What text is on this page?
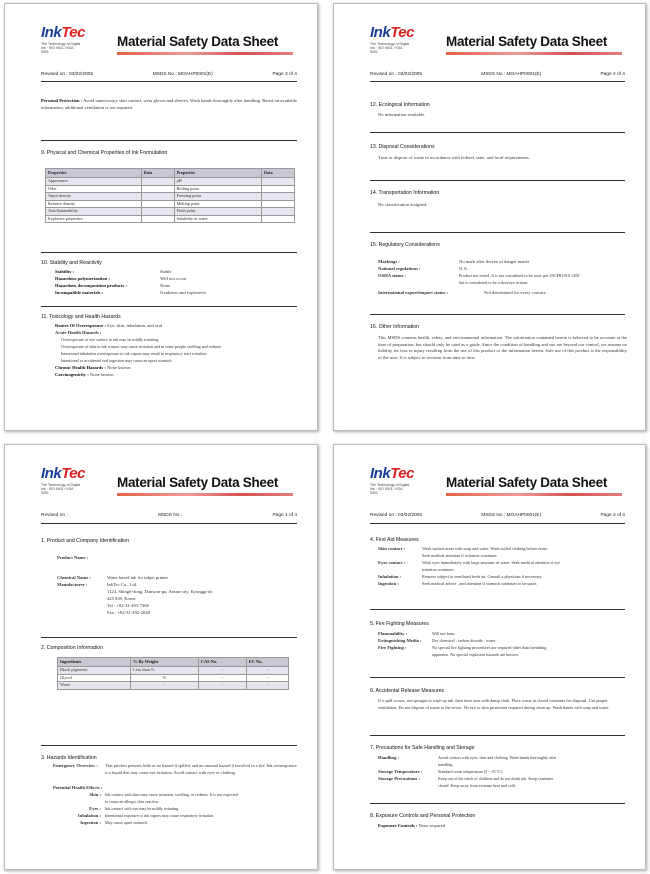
InkTec
The Technology of Digital Ink · ISO 9001 / KSA 9001
Material Safety Data Sheet
Revised on : 03/02/2005	MSDS No : MOAHP0001(E)	Page 3 of 4
Personal Protection : Avoid unnecessary skin contact, wear gloves and sleeves. Wash hands thoroughly after handling. Based on available information, additional ventilation is not required.
9. Physical and Chemical Properties of Ink Formulation
Properties	Data	Properties	Data
Appearance		pH	
Odor		Boiling point	
Vapor density		Freezing point	
Relative density		Melting point	
Autoflammability		Flash point	
Explosive properties		Solubility in water	
10. Stability and Reactivity
Stability :	Stable
Hazardous polymerization :	Will not occur
Hazardous decomposition products :	None
Incompatible materials :	Oxidizers and explosives
11. Toxicology and Health Hazards
Routes Of Overexposure : Eye, skin, inhalation, and oral
Acute Health Hazards :
Overexposure of eye surface to ink may be mildly irritating.
Overexposure of skin to ink contact may cause irritation and in some people swelling and redness
Intentional inhalation overexposure to ink vapors may result in respiratory tract irritation
Intentional or accidental oral ingestion may cause an upset stomach
Chronic Health Hazards : None known
Carcinogenicity : None known
InkTec
The Technology of Digital Ink · ISO 9001 / KSA 9001
Material Safety Data Sheet
Revised on : 03/02/2005	MSDS No : MOAHP0001(E)	Page 4 of 4
12. Ecological Information
No information available.
13. Disposal Considerations
Treat or dispose of waste in accordance with federal, state, and local requirements.
14. Transportation Information
No classification assigned.
15. Regulatory Considerations
Markings :	No mark after decree of danger matter
National regulations :	N.A.
OSHA status :	Product not tested. It is not considered to be toxic per 29CFR1910.1200
but is considered to be a skin/eye irritant.
International export/import status :	Not determined for every country.
16. Other Information
This MSDS contains health, safety, and environmental information. The information contained herein is believed to be accurate at the time of preparation, but should only be used as a guide. Since the condition of handling and use are beyond our control, we assume no liability for loss or injury resulting from the use of this product or the information herein. Safe use of this product is the responsibility of the user. It is subject to revision from time to time.
InkTec
The Technology of Digital Ink · ISO 9001 / KSA 9001
Material Safety Data Sheet
Revised on :	MSDS No :	Page 1 of 4
1. Product and Company Identification
Product Name :
Chemical Name :	Water based ink for inkjet printer
Manufacturer :	InkTec Co., Ltd.
1124, Shingil-dong, Danwon-gu, Ansan-city, Kyunggi-do
425 839, Korea
Tel : +82-31-493-7368
Fax : +82-31-492-2048
2. Composition Information
Ingredients	% By Weight	CAS No.	EC No.
Black pigments	Less than %	-	-
Glycol	%	-	-
Water	-	-	-
3. Hazards Identification
Emergency Overview : This product presents little or no hazard if spilled, and no unusual hazard if involved in a fire. Ink overexposure is a liquid that may cause eye irritation. Avoid contact with eyes or clothing.
Potential Health Effects :
Skin : Ink contact with skin may cause irritation, swelling, or redness. It is not expected
to cause an allergic skin reaction.
Eyes : Ink contact with eye may be mildly irritating.
Inhalation : Intentional exposure to ink vapors may cause respiratory irritation.
Ingestion : May cause upset stomach.
InkTec
The Technology of Digital Ink · ISO 9001 / KSA 9001
Material Safety Data Sheet
Revised on : 03/02/2005	MSDS No : MOAHP0001(E)	Page 2 of 4
4. First Aid Measures
Skin contact :	Wash surface areas with soap and water. Wash soiled clothing before reuse.
Seek medical attention if irritation continues.
Eyes contact :	Wash eyes immediately with large amounts of water. Seek medical attention if eye
irritation continues.
Inhalation :	Remove subject to ventilated fresh air. Consult a physician if necessary.
Ingestion :	Seek medical advice , and attention if stomach continues to be upset.
5. Fire Fighting Measures
Flammability :	Will not burn.
Extinguishing Media : Dry chemical , carbon dioxide , water
Fire Fighting :	No special fire fighting procedures are required other than breathing
apparatus. No special explosion hazards are known.
6. Accidental Release Measures
If a spill occurs, use sponges to wipe up ink, then rinse area with damp cloth. Place waste in closed container for disposal. Use proper ventilation. Do not dispose of waste to the sewer. No eye or skin protection required during clean up. Wash hands with soap and water.
7. Precautions for Safe Handling and Storage
Handling :	Avoid contact with eyes, skin and clothing. Wash hands thoroughly after
handling.
Storage Temperature :	Standard room temperature (5 ~ 35 °C)
Storage Precautions :	Keep out of the reach of children and do not drink ink. Keep container
closed. Keep away from extreme heat and cold.
8. Exposure Controls and Personal Protection
Exposure Controls : None required
